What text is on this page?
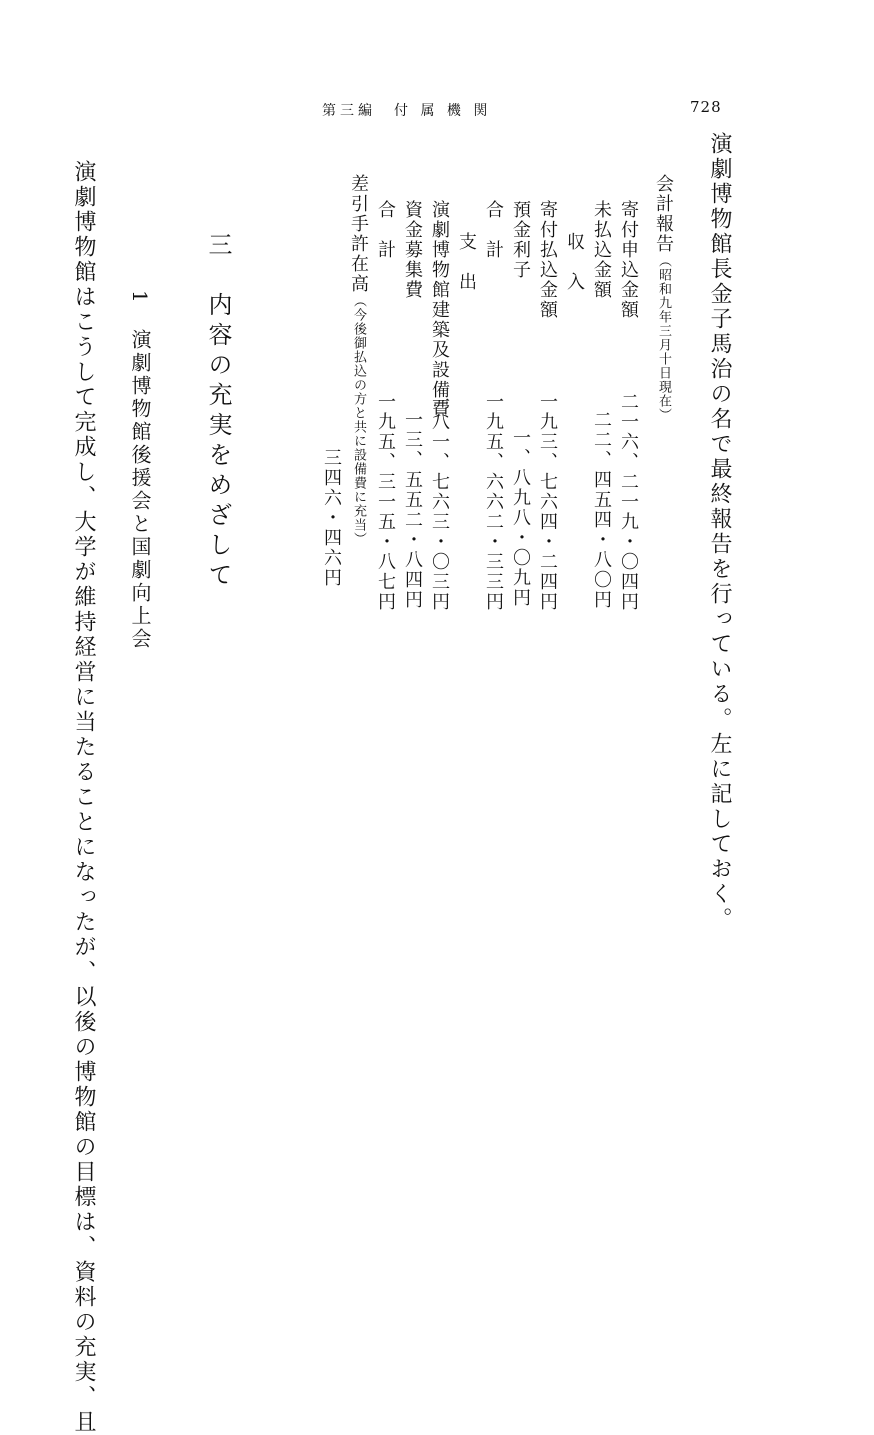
第三編　付 属 機 関	728
演劇博物館長金子馬治の名で最終報告を行っている。左に記しておく。
会計報告（昭和九年三月十日現在）
寄付申込金額
二一六、二一九・〇四円
未払込金額
二二、四五四・八〇円
収　入
寄付払込金額
一九三、七六四・二四円
預金利子
一、八九八・〇九円
合　計
一九五、六六二・三三円
支　出
演劇博物館建築及設備費
一八一、七六三・〇三円
資金募集費
一三、五五二・八四円
合　計
一九五、三一五・八七円
差引手許在高（今後御払込の方と共に設備費に充当）
三四六・四六円
三　内容の充実をめざして
1　演劇博物館後援会と国劇向上会
演劇博物館はこうして完成し、大学が維持経営に当たることになったが、以後の博物館の目標は、資料の充実、且
